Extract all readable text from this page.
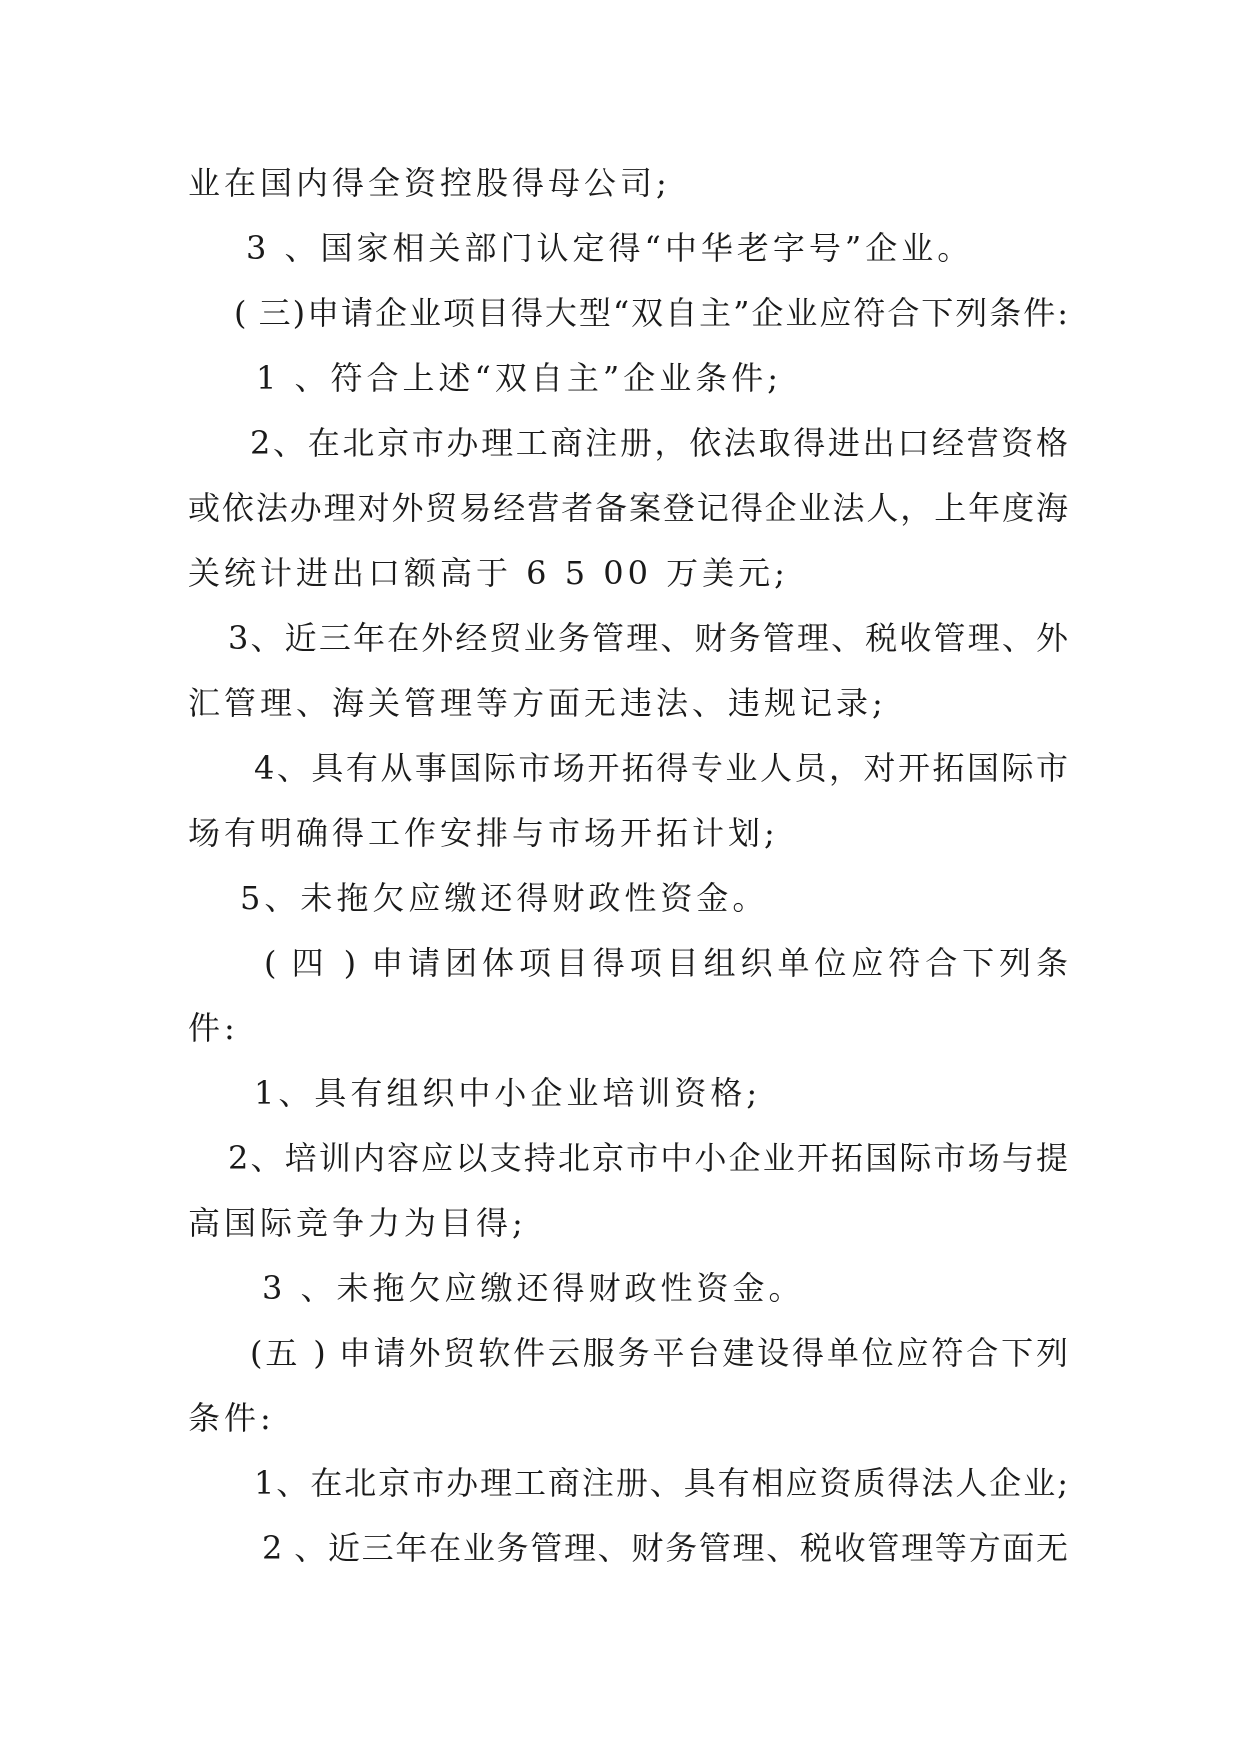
业在国内得全资控股得母公司;
3 、国家相关部门认定得“中华老字号”企业。
( 三)申请企业项目得大型“双自主”企业应符合下列条件:
1 、符合上述“双自主”企业条件;
2、在北京市办理工商注册，依法取得进出口经营资格
或依法办理对外贸易经营者备案登记得企业法人，上年度海
关统计进出口额高于 6 5 00 万美元;
3、近三年在外经贸业务管理、财务管理、税收管理、外
汇管理、海关管理等方面无违法、违规记录;
4、具有从事国际市场开拓得专业人员，对开拓国际市
场有明确得工作安排与市场开拓计划;
5、未拖欠应缴还得财政性资金。
( 四 ) 申请团体项目得项目组织单位应符合下列条
件:
1、具有组织中小企业培训资格;
2、培训内容应以支持北京市中小企业开拓国际市场与提
高国际竞争力为目得;
3 、未拖欠应缴还得财政性资金。
(五 ) 申请外贸软件云服务平台建设得单位应符合下列
条件:
1、在北京市办理工商注册、具有相应资质得法人企业;
2 、近三年在业务管理、财务管理、税收管理等方面无
